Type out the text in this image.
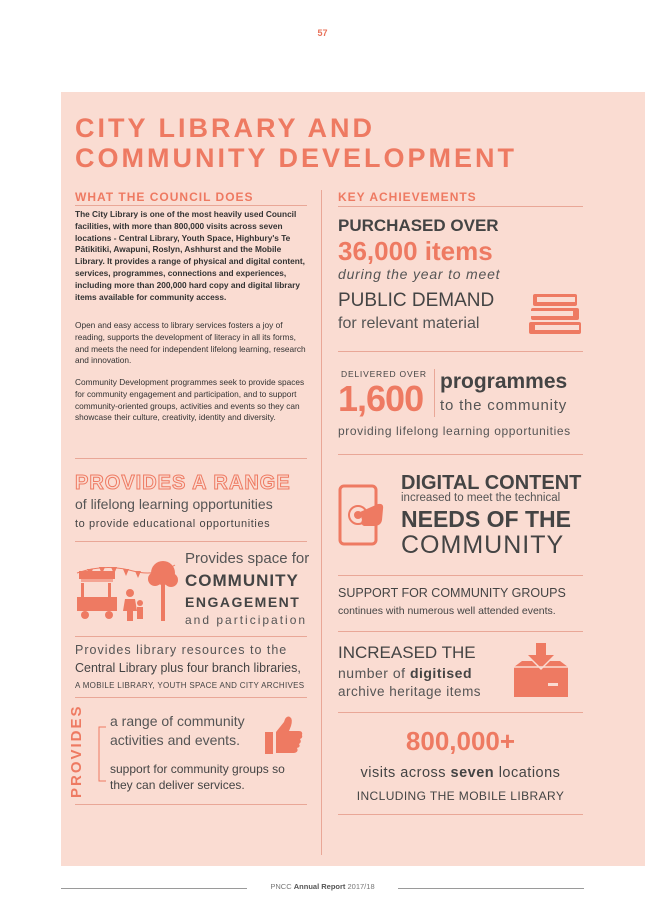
57
CITY LIBRARY AND
COMMUNITY DEVELOPMENT
WHAT THE COUNCIL DOES
The City Library is one of the most heavily used Council facilities, with more than 800,000 visits across seven locations - Central Library, Youth Space, Highbury's Te Pātikitiki, Awapuni, Roslyn, Ashhurst and the Mobile Library. It provides a range of physical and digital content, services, programmes, connections and experiences, including more than 200,000 hard copy and digital library items available for community access.
Open and easy access to library services fosters a joy of reading, supports the development of literacy in all its forms, and meets the need for independent lifelong learning, research and innovation.
Community Development programmes seek to provide spaces for community engagement and participation, and to support community-oriented groups, activities and events so they can showcase their culture, creativity, identity and diversity.
PROVIDES A RANGE
of lifelong learning opportunities
to provide educational opportunities
Provides space for
COMMUNITY
ENGAGEMENT
and participation
Provides library resources to the
Central Library plus four branch libraries,
A MOBILE LIBRARY, YOUTH SPACE AND CITY ARCHIVES
PROVIDES a range of community activities and events.
support for community groups so they can deliver services.
KEY ACHIEVEMENTS
PURCHASED OVER
36,000 items
during the year to meet
PUBLIC DEMAND
for relevant material
DELIVERED OVER
1,600 programmes
to the community
providing lifelong learning opportunities
DIGITAL CONTENT
increased to meet the technical
NEEDS OF THE
COMMUNITY
SUPPORT FOR COMMUNITY GROUPS
continues with numerous well attended events.
INCREASED THE
number of digitised
archive heritage items
800,000+
visits across seven locations
INCLUDING THE MOBILE LIBRARY
PNCC Annual Report 2017/18
